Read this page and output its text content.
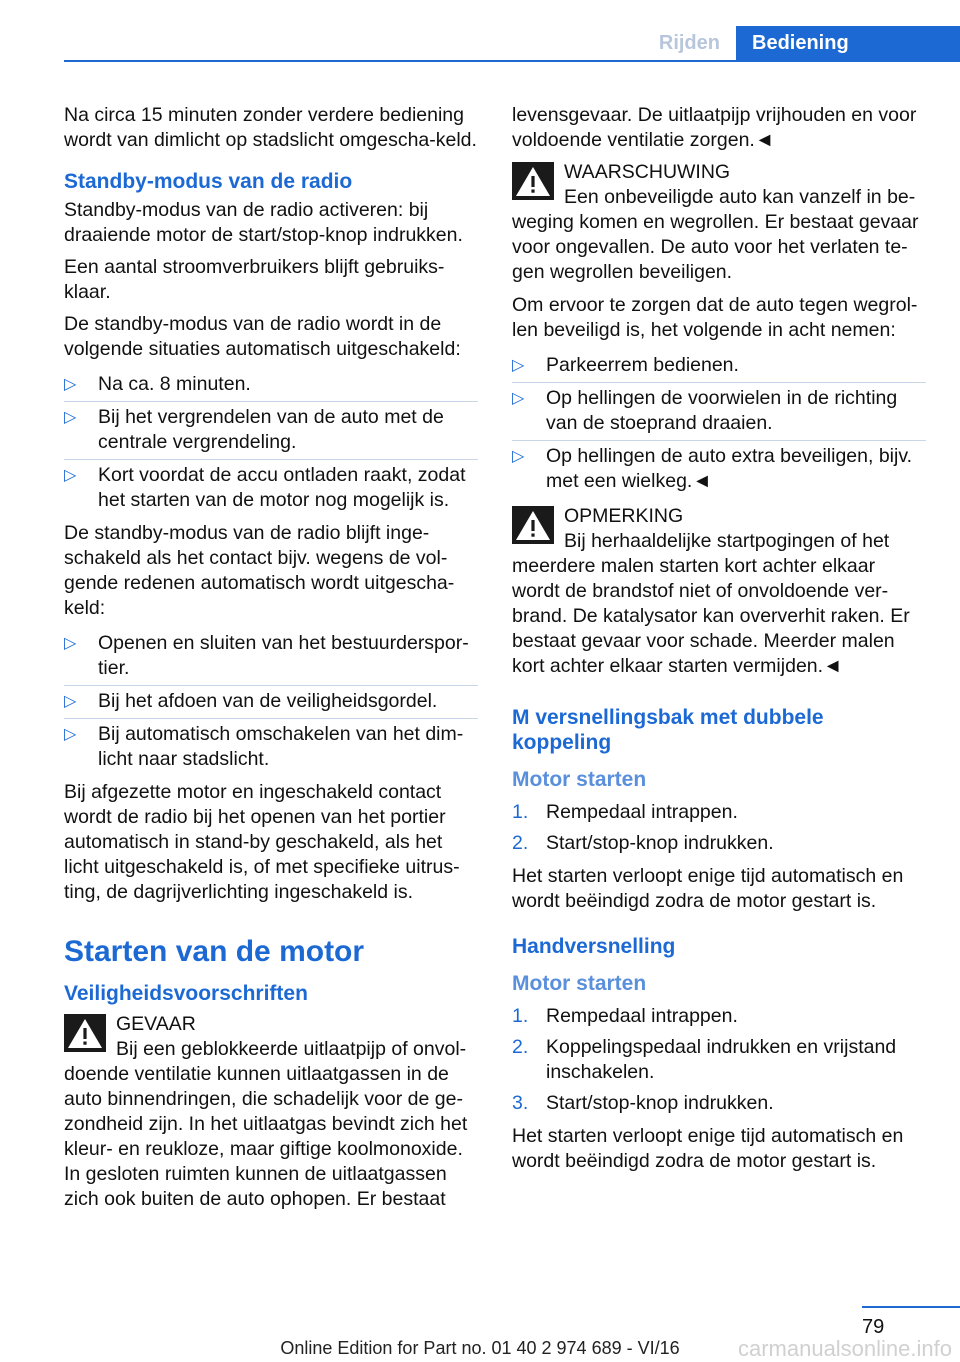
Rijden	Bediening

Na circa 15 minuten zonder verdere bediening wordt van dimlicht op stadslicht omgescha-keld.

Standby-modus van de radio

Standby-modus van de radio activeren: bij draaiende motor de start/stop-knop indrukken.

Een aantal stroomverbruikers blijft gebruiks-klaar.

De standby-modus van de radio wordt in de volgende situaties automatisch uitgeschakeld:

▷ Na ca. 8 minuten.
▷ Bij het vergrendelen van de auto met de centrale vergrendeling.
▷ Kort voordat de accu ontladen raakt, zodat het starten van de motor nog mogelijk is.

De standby-modus van de radio blijft inge-schakeld als het contact bijv. wegens de vol-gende redenen automatisch wordt uitgescha-keld:

▷ Openen en sluiten van het bestuurderspor-tier.
▷ Bij het afdoen van de veiligheidsgordel.
▷ Bij automatisch omschakelen van het dim-licht naar stadslicht.

Bij afgezette motor en ingeschakeld contact wordt de radio bij het openen van het portier automatisch in stand-by geschakeld, als het licht uitgeschakeld is, of met specifieke uitrus-ting, de dagrijverlichting ingeschakeld is.

Starten van de motor
Veiligheidsvoorschriften
GEVAAR
Bij een geblokkeerde uitlaatpijp of onvol-
doende ventilatie kunnen uitlaatgassen in de auto binnendringen, die schadelijk voor de ge-zondheid zijn. In het uitlaatgas bevindt zich het kleur- en reukloze, maar giftige koolmonoxide. In gesloten ruimten kunnen de uitlaatgassen zich ook buiten de auto ophopen. Er bestaat

levensgevaar. De uitlaatpijp vrijhouden en voor voldoende ventilatie zorgen.◄

WAARSCHUWING
Een onbeveiligde auto kan vanzelf in be-
weging komen en wegrollen. Er bestaat gevaar voor ongevallen. De auto voor het verlaten te-gen wegrollen beveiligen.

Om ervoor te zorgen dat de auto tegen wegrol-len beveiligd is, het volgende in acht nemen:

▷ Parkeerrem bedienen.
▷ Op hellingen de voorwielen in de richting van de stoeprand draaien.
▷ Op hellingen de auto extra beveiligen, bijv. met een wielkeg.◄
OPMERKING
Bij herhaaldelijke startpogingen of het
meerdere malen starten kort achter elkaar wordt de brandstof niet of onvoldoende ver-brand. De katalysator kan oververhit raken. Er bestaat gevaar voor schade. Meerder malen kort achter elkaar starten vermijden.◄
M versnellingsbak met dubbele koppeling
Motor starten
1. Rempedaal intrappen.
2. Start/stop-knop indrukken.

Het starten verloopt enige tijd automatisch en wordt beëindigd zodra de motor gestart is.

Handversnelling
Motor starten
1. Rempedaal intrappen.
2. Koppelingspedaal indrukken en vrijstand inschakelen.
3. Start/stop-knop indrukken.

Het starten verloopt enige tijd automatisch en wordt beëindigd zodra de motor gestart is.

79
Online Edition for Part no. 01 40 2 974 689 - VI/16	carmanualsonline.info
